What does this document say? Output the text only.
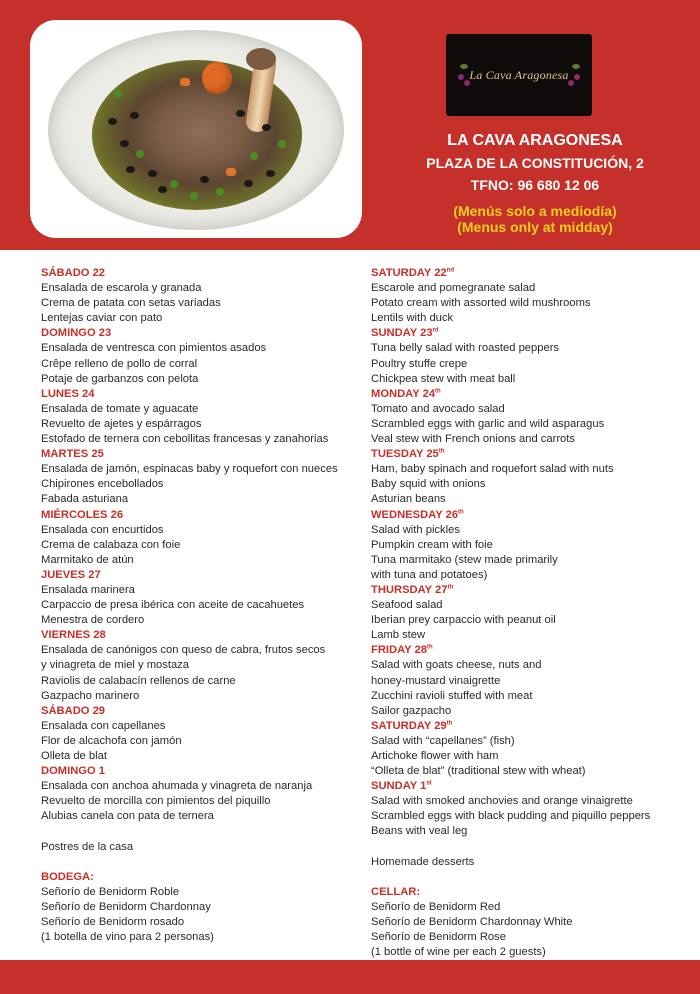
La Cava Aragonesa

LA CAVA ARAGONESA

PLAZA DE LA CONSTITUCIÓN, 2

TFNO: 96 680 12 06

(Menús solo a mediodía)

(Menus only at midday)

SÁBADO 22
Ensalada de escarola y granada
Crema de patata con setas variadas
Lentejas caviar con pato
DOMINGO 23
Ensalada de ventresca con pimientos asados
Crêpe relleno de pollo de corral
Potaje de garbanzos con pelota
LUNES 24
Ensalada de tomate y aguacate
Revuelto de ajetes y espárragos
Estofado de ternera con cebollitas francesas y zanahorias
MARTES 25
Ensalada de jamón, espinacas baby y roquefort con nueces
Chipirones encebollados
Fabada asturiana
MIÉRCOLES 26
Ensalada con encurtidos
Crema de calabaza con foie
Marmitako de atún
JUEVES 27
Ensalada marinera
Carpaccio de presa ibérica con aceite de cacahuetes
Menestra de cordero
VIERNES 28
Ensalada de canónigos con queso de cabra, frutos secos
y vinagreta de miel y mostaza
Raviolis de calabacín rellenos de carne
Gazpacho marinero
SÁBADO 29
Ensalada con capellanes
Flor de alcachofa con jamón
Olleta de blat
DOMINGO 1
Ensalada con anchoa ahumada y vinagreta de naranja
Revuelto de morcilla con pimientos del piquillo
Alubias canela con pata de ternera
Postres de la casa
BODEGA:
Señorío de Benidorm Roble
Señorío de Benidorm Chardonnay
Señorío de Benidorm rosado
(1 botella de vino para 2 personas)
SATURDAY 22nd
Escarole and pomegranate salad
Potato cream with assorted wild mushrooms
Lentils with duck
SUNDAY 23rd
Tuna belly salad with roasted peppers
Poultry stuffe crepe
Chickpea stew with meat ball
MONDAY 24th
Tomato and avocado salad
Scrambled eggs with garlic and wild asparagus
Veal stew with French onions and carrots
TUESDAY 25th
Ham, baby spinach and roquefort salad with nuts
Baby squid with onions
Asturian beans
WEDNESDAY 26th
Salad with pickles
Pumpkin cream with foie
Tuna marmitako (stew made primarily
with tuna and potatoes)
THURSDAY 27th
Seafood salad
Iberian prey carpaccio with peanut oil
Lamb stew
FRIDAY 28th
Salad with goats cheese, nuts and
honey-mustard vinaigrette
Zucchini ravioli stuffed with meat
Sailor gazpacho
SATURDAY 29th
Salad with “capellanes” (fish)
Artichoke flower with ham
“Olleta de blat” (traditional stew with wheat)
SUNDAY 1st
Salad with smoked anchovies and orange vinaigrette
Scrambled eggs with black pudding and piquillo peppers
Beans with veal leg
Homemade desserts
CELLAR:
Señorío de Benidorm Red
Señorío de Benidorm Chardonnay White
Señorío de Benidorm Rose
(1 bottle of wine per each 2 guests)
